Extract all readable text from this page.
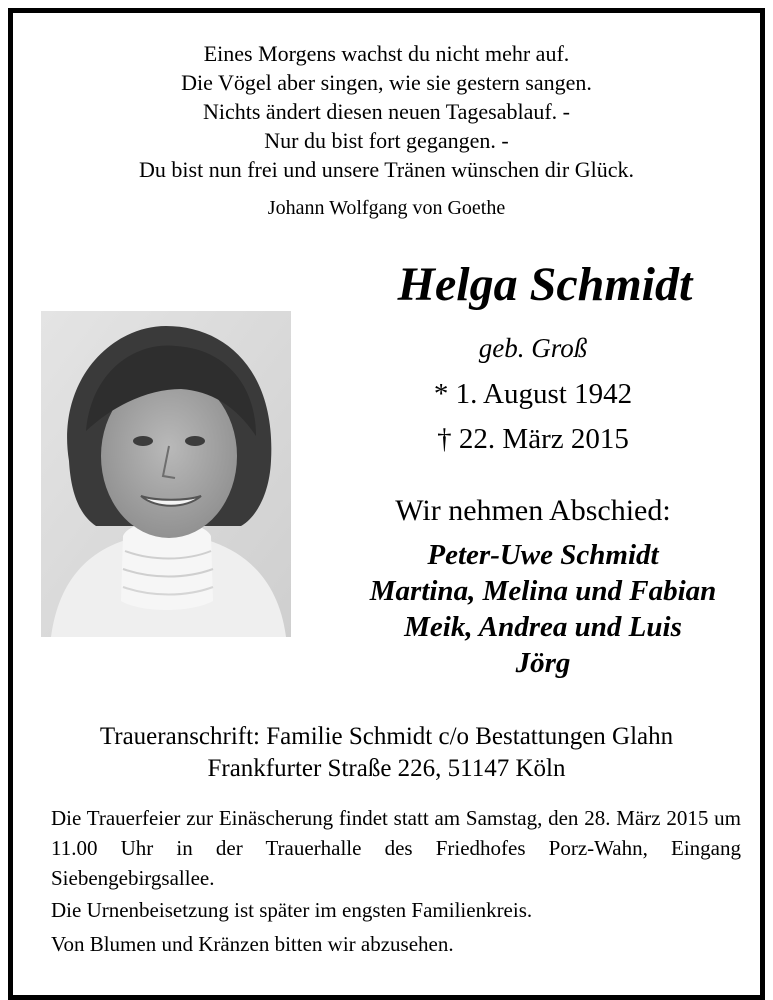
Eines Morgens wachst du nicht mehr auf.
Die Vögel aber singen, wie sie gestern sangen.
Nichts ändert diesen neuen Tagesablauf. -
Nur du bist fort gegangen. -
Du bist nun frei und unsere Tränen wünschen dir Glück.
Johann Wolfgang von Goethe
Helga Schmidt
geb. Groß
* 1. August 1942
† 22. März 2015
Wir nehmen Abschied:
Peter-Uwe Schmidt
Martina, Melina und Fabian
Meik, Andrea und Luis
Jörg
Traueranschrift: Familie Schmidt c/o Bestattungen Glahn
Frankfurter Straße 226, 51147 Köln
Die Trauerfeier zur Einäscherung findet statt am Samstag, den 28. März 2015 um 11.00 Uhr in der Trauerhalle des Friedhofes Porz-Wahn, Eingang Siebengebirgsallee.
Die Urnenbeisetzung ist später im engsten Familienkreis.
Von Blumen und Kränzen bitten wir abzusehen.
